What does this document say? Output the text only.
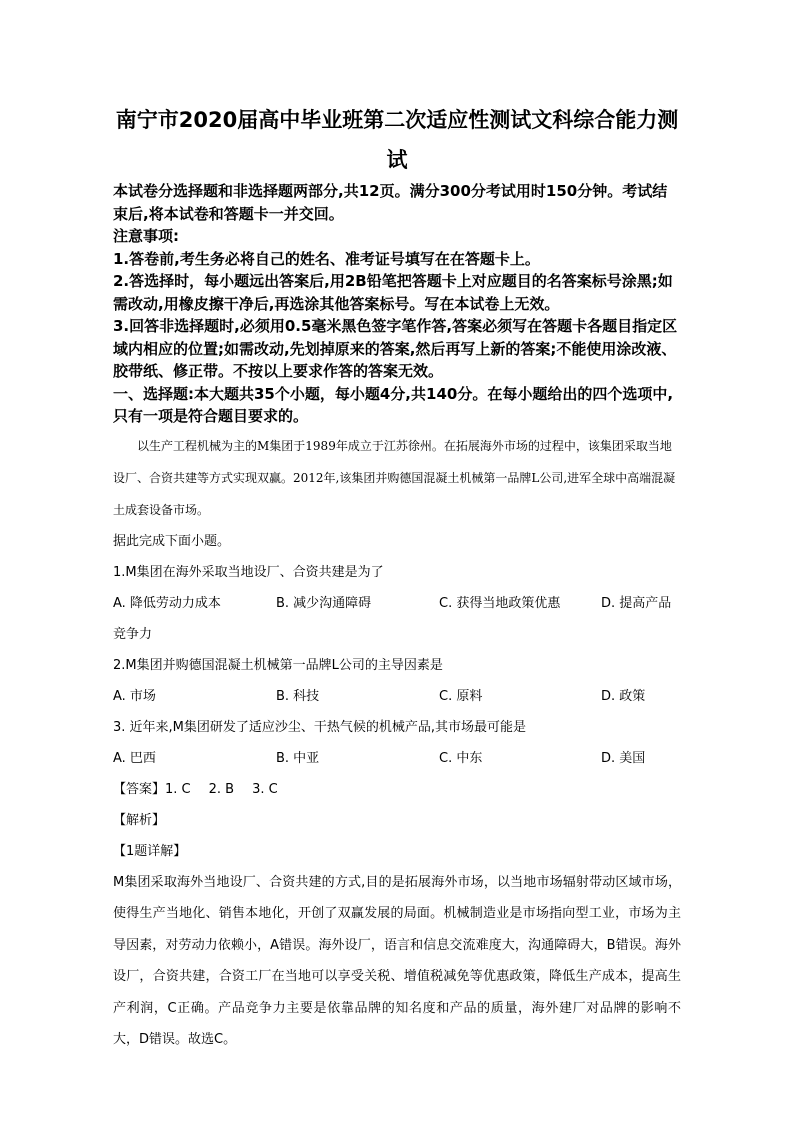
南宁市2020届高中毕业班第二次适应性测试文科综合能力测试

本试卷分选择题和非选择题两部分,共12页。满分300分考试用时150分钟。考试结束后,将本试卷和答题卡一并交回。

注意事项:

1.答卷前,考生务必将自己的姓名、准考证号填写在在答题卡上。

2.答选择时，每小题远出答案后,用2B铅笔把答题卡上对应题目的名答案标号涂黑;如需改动,用橡皮擦干净后,再选涂其他答案标号。写在本试卷上无效。

3.回答非选择题时,必须用0.5毫米黑色签字笔作答,答案必须写在答题卡各题目指定区域内相应的位置;如需改动,先划掉原来的答案,然后再写上新的答案;不能使用涂改液、胶带纸、修正带。不按以上要求作答的答案无效。

一、选择题:本大题共35个小题，每小题4分,共140分。在每小题给出的四个选项中,只有一项是符合题目要求的。

以生产工程机械为主的M集团于1989年成立于江苏徐州。在拓展海外市场的过程中，该集团采取当地设厂、合资共建等方式实现双赢。2012年,该集团并购德国混凝土机械第一品牌L公司,进军全球中高端混凝土成套设备市场。

据此完成下面小题。

1.M集团在海外采取当地设厂、合资共建是为了

A. 降低劳动力成本	B. 减少沟通障碍	C. 获得当地政策优惠	D. 提高产品

竞争力

2.M集团并购德国混凝土机械第一品牌L公司的主导因素是

A. 市场	B. 科技	C. 原料	D. 政策

3. 近年来,M集团研发了适应沙尘、干热气候的机械产品,其市场最可能是

A. 巴西	B. 中亚	C. 中东	D. 美国

【答案】1. C 2. B 3. C

【解析】

【1题详解】

M集团采取海外当地设厂、合资共建的方式,目的是拓展海外市场，以当地市场辐射带动区域市场，使得生产当地化、销售本地化，开创了双赢发展的局面。机械制造业是市场指向型工业，市场为主导因素，对劳动力依赖小，A错误。海外设厂，语言和信息交流难度大，沟通障碍大，B错误。海外设厂，合资共建，合资工厂在当地可以享受关税、增值税减免等优惠政策，降低生产成本，提高生产利润，C正确。产品竞争力主要是依靠品牌的知名度和产品的质量，海外建厂对品牌的影响不大，D错误。故选C。
